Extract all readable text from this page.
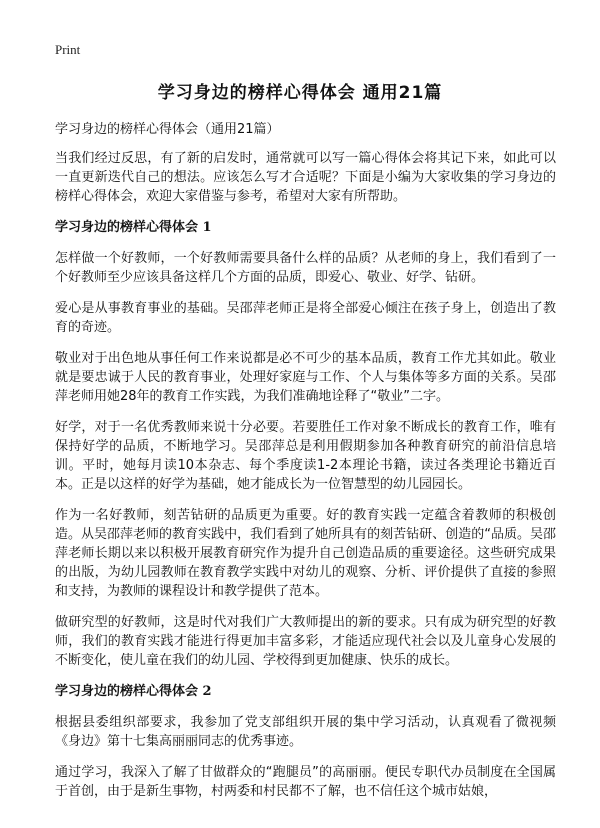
Print
学习身边的榜样心得体会 通用21篇

学习身边的榜样心得体会（通用21篇）

当我们经过反思，有了新的启发时，通常就可以写一篇心得体会将其记下来，如此可以一直更新迭代自己的想法。应该怎么写才合适呢？下面是小编为大家收集的学习身边的榜样心得体会，欢迎大家借鉴与参考，希望对大家有所帮助。

学习身边的榜样心得体会 1

怎样做一个好教师，一个好教师需要具备什么样的品质？从老师的身上，我们看到了一个好教师至少应该具备这样几个方面的品质，即爱心、敬业、好学、钻研。

爱心是从事教育事业的基础。吴邵萍老师正是将全部爱心倾注在孩子身上，创造出了教育的奇迹。

敬业对于出色地从事任何工作来说都是必不可少的基本品质，教育工作尤其如此。敬业就是要忠诚于人民的教育事业，处理好家庭与工作、个人与集体等多方面的关系。吴邵萍老师用她28年的教育工作实践，为我们准确地诠释了“敬业”二字。

好学，对于一名优秀教师来说十分必要。若要胜任工作对象不断成长的教育工作，唯有保持好学的品质，不断地学习。吴邵萍总是利用假期参加各种教育研究的前沿信息培训。平时，她每月读10本杂志、每个季度读1-2本理论书籍，读过各类理论书籍近百本。正是以这样的好学为基础，她才能成长为一位智慧型的幼儿园园长。

作为一名好教师，刻苦钻研的品质更为重要。好的教育实践一定蕴含着教师的积极创造。从吴邵萍老师的教育实践中，我们看到了她所具有的刻苦钻研、创造的“品质。吴邵萍老师长期以来以积极开展教育研究作为提升自己创造品质的重要途径。这些研究成果的出版，为幼儿园教师在教育教学实践中对幼儿的观察、分析、评价提供了直接的参照和支持，为教师的课程设计和教学提供了范本。

做研究型的好教师，这是时代对我们广大教师提出的新的要求。只有成为研究型的好教师，我们的教育实践才能进行得更加丰富多彩，才能适应现代社会以及儿童身心发展的不断变化，使儿童在我们的幼儿园、学校得到更加健康、快乐的成长。

学习身边的榜样心得体会 2

根据县委组织部要求，我参加了党支部组织开展的集中学习活动，认真观看了微视频《身边》第十七集高丽丽同志的优秀事迹。

通过学习，我深入了解了甘做群众的“跑腿员”的高丽丽。便民专职代办员制度在全国属于首创，由于是新生事物，村两委和村民都不了解，也不信任这个城市姑娘，
